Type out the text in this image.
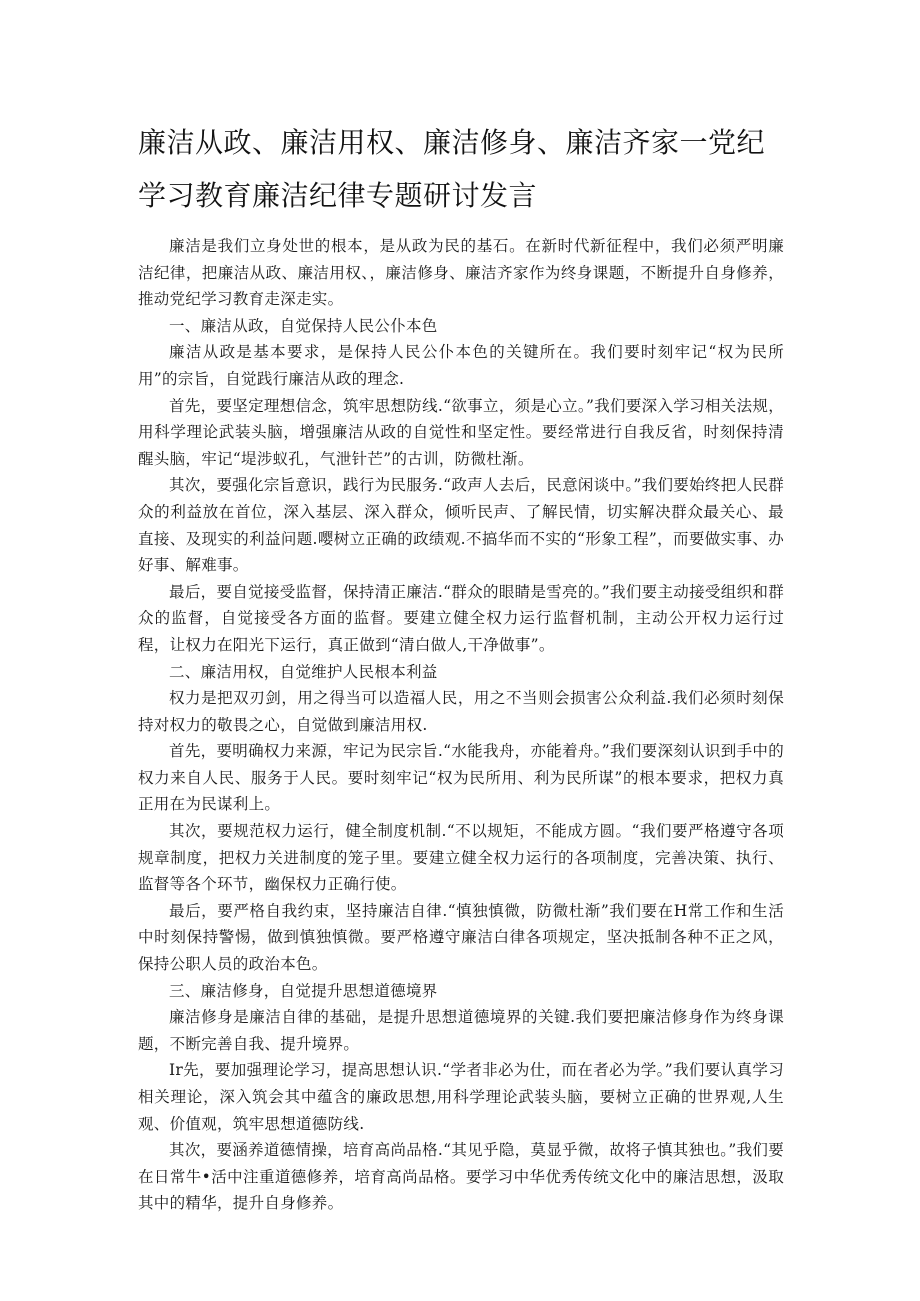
廉洁从政、廉洁用权、廉洁修身、廉洁齐家一党纪
学习教育廉洁纪律专题研讨发言

廉洁是我们立身处世的根本，是从政为民的基石。在新时代新征程中，我们必须严明廉洁纪律，把廉洁从政、廉洁用权、，廉洁修身、廉洁齐家作为终身课题，不断提升自身修养，推动党纪学习教育走深走实。

一、廉洁从政，自觉保持人民公仆本色

廉洁从政是基本要求，是保持人民公仆本色的关键所在。我们要时刻牢记“权为民所用”的宗旨，自觉践行廉洁从政的理念.

首先，要坚定理想信念，筑牢思想防线.“欲事立，须是心立。”我们要深入学习相关法规，用科学理论武装头脑，增强廉洁从政的自觉性和坚定性。要经常进行自我反省，时刻保持清醒头脑，牢记“堤涉蚁孔，气泄针芒”的古训，防微杜渐。

其次，要强化宗旨意识，践行为民服务.“政声人去后，民意闲谈中。”我们要始终把人民群众的利益放在首位，深入基层、深入群众，倾听民声、了解民情，切实解决群众最关心、最直接、及现实的利益问题.嘤树立正确的政绩观.不搞华而不实的“形象工程”，而要做实事、办好事、解难事。

最后，要自觉接受监督，保持清正廉洁.“群众的眼睛是雪亮的。”我们要主动接受组织和群众的监督，自觉接受各方面的监督。要建立健全权力运行监督机制，主动公开权力运行过程，让权力在阳光下运行，真正做到“清白做人,干净做事”。

二、廉洁用权，自觉维护人民根本利益

权力是把双刃剑，用之得当可以造福人民，用之不当则会损害公众利益.我们必须时刻保持对权力的敬畏之心，自觉做到廉洁用权.

首先，要明确权力来源，牢记为民宗旨.“水能我舟，亦能着舟。”我们要深刻认识到手中的权力来自人民、服务于人民。要时刻牢记“权为民所用、利为民所谋”的根本要求，把权力真正用在为民谋利上。

其次，要规范权力运行，健全制度机制.“不以规矩，不能成方圆。“我们要严格遵守各项规章制度，把权力关进制度的笼子里。要建立健全权力运行的各项制度，完善决策、执行、监督等各个环节，幽保权力正确行使。

最后，要严格自我约束，坚持廉洁自律.“慎独慎微，防微杜渐”我们要在H常工作和生活中时刻保持警惕，做到慎独慎微。要严格遵守廉洁白律各项规定，坚决抵制各种不正之风，保持公职人员的政治本色。

三、廉洁修身，自觉提升思想道德境界

廉洁修身是廉洁自律的基础，是提升思想道德境界的关键.我们要把廉洁修身作为终身课题，不断完善自我、提升境界。

Ir先，要加强理论学习，提高思想认识.“学者非必为仕，而在者必为学。”我们要认真学习相关理论，深入筑会其中蕴含的廉政思想,用科学理论武装头脑，要树立正确的世界观,人生观、价值观，筑牢思想道德防线.

其次，要涵养道德情操，培育高尚品格.“其见乎隐，莫显乎微，故将子慎其独也。”我们要在日常牛•活中注重道德修养，培育高尚品格。要学习中华优秀传统文化中的廉洁思想，汲取其中的精华，提升自身修养。
